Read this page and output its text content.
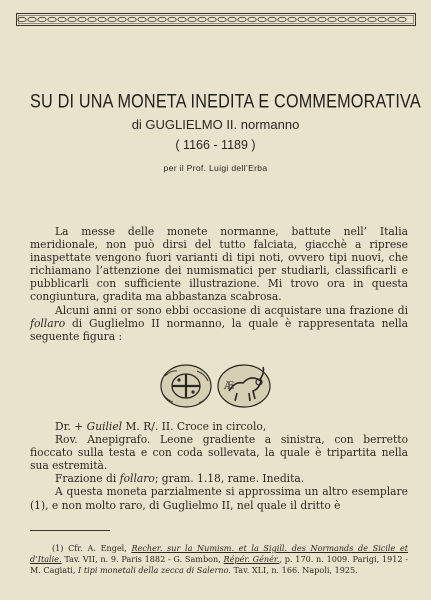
SU DI UNA MONETA INEDITA E COMMEMORATIVA
di GUGLIELMO II. normanno
( 1166 - 1189 )
per il Prof. Luigi dell’Erba

La messe delle monete normanne, battute nell’ Italia meridionale, non può dirsi del tutto falciata, giacchè a riprese inaspettate vengono fuori varianti di tipi noti, ovvero tipi nuovi, che richiamano l’attenzione dei numismatici per studiarli, classificarli e pubblicarli con sufficiente illustrazione. Mi trovo ora in questa congiuntura, gradita ma abbastanza scabrosa.

Alcuni anni or sono ebbi occasione di acquistare una frazione di follaro di Guglielmo II normanno, la quale è rappresentata nella seguente figura :

Æ

Dr. + Guiliel M. R/. II. Croce in circolo,

Rov. Anepigrafo. Leone gradiente a sinistra, con berretto fioccato sulla testa e con coda sollevata, la quale è tripartita nella sua estremità.

Frazione di follaro; gram. 1.18, rame. Inedita.

A questa moneta parzialmente si approssima un altro esemplare (1), e non molto raro, di Guglielmo II, nel quale il dritto è

(1) Cfr. A. Engel, Recher. sur la Numism. et la Sigill. des Normands de Sicile et d’Italie. Tav. VII, n. 9. Paris 1882 - G. Sambon, Répér. Génér., p. 170. n. 1009. Parigi, 1912 - M. Cagiati, I tipi monetali della zecca di Salerno. Tav. XLI, n. 166. Napoli, 1925.
